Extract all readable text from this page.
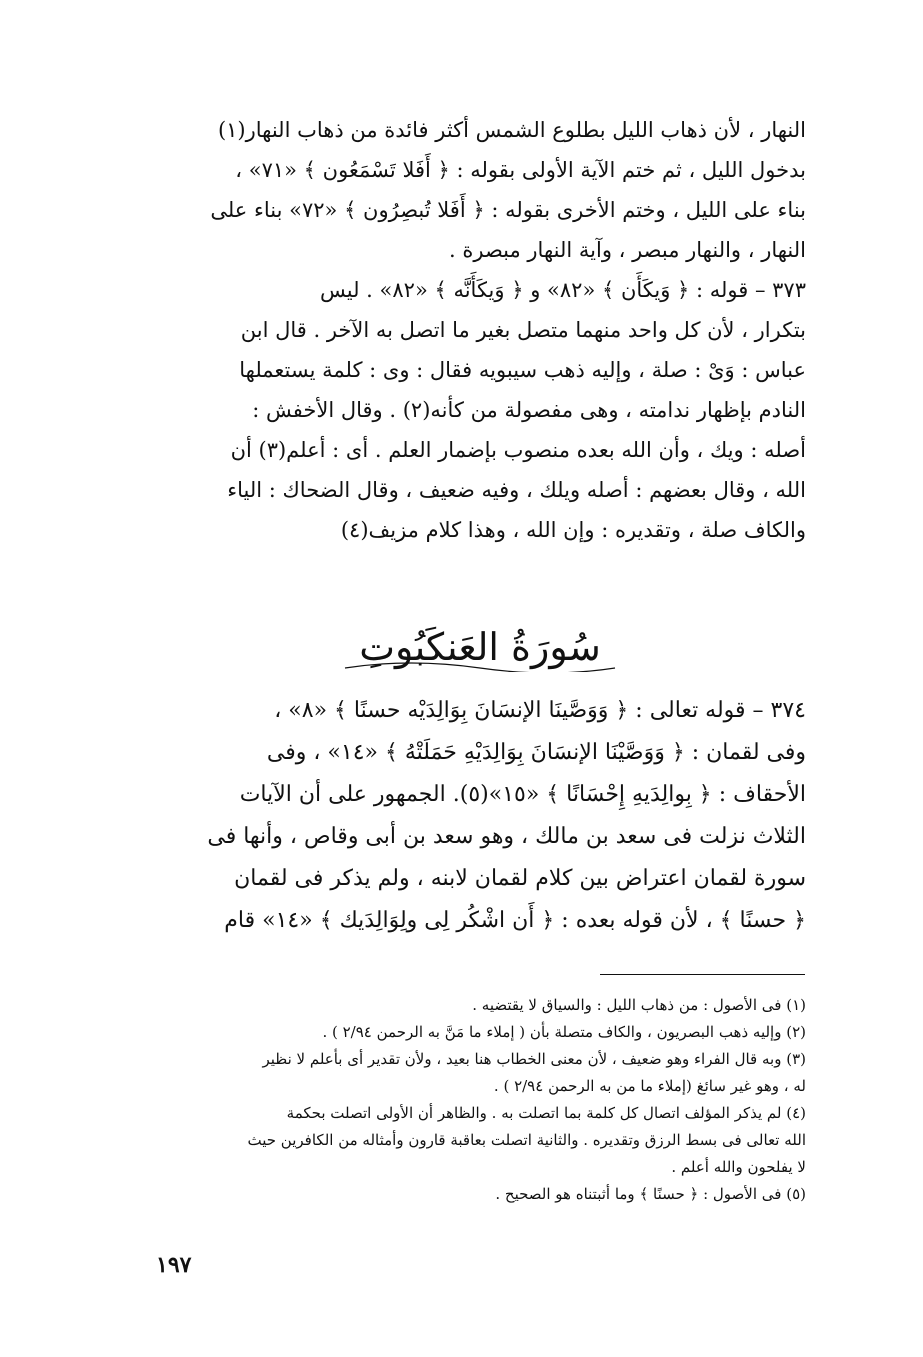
النهار ، لأن ذهاب الليل بطلوع الشمس أكثر فائدة من ذهاب النهار(١)
بدخول الليل ، ثم ختم الآية الأولى بقوله : ﴿ أَفَلا تَسْمَعُون ﴾ «٧١» ،
بناء على الليل ، وختم الأخرى بقوله : ﴿ أَفَلا تُبصِرُون ﴾ «٧٢» بناء على
النهار ، والنهار مبصر ، وآية النهار مبصرة .
٣٧٣ – قوله : ﴿ وَيكَأَن ﴾ «٨٢» و ﴿ وَيكَأَنَّه ﴾ «٨٢» . ليس
بتكرار ، لأن كل واحد منهما متصل بغير ما اتصل به الآخر . قال ابن
عباس : وَىْ : صلة ، وإليه ذهب سيبويه فقال : وى : كلمة يستعملها
النادم بإظهار ندامته ، وهى مفصولة من كأنه(٢) . وقال الأخفش :
أصله : ويك ، وأن الله بعده منصوب بإضمار العلم . أى : أعلم(٣) أن
الله ، وقال بعضهم : أصله ويلك ، وفيه ضعيف ، وقال الضحاك : الياء
والكاف صلة ، وتقديره : وإن الله ، وهذا كلام مزيف(٤)
سُورَةُ العَنكَبُوتِ
٣٧٤ – قوله تعالى : ﴿ وَوَصَّينَا الإنسَانَ بِوَالِدَيْه حسنًا ﴾ «٨» ،
وفى لقمان : ﴿ وَوَصَّيْنَا الإنسَانَ بِوَالِدَيْهِ حَمَلَتْهُ ﴾ «١٤» ، وفى
الأحقاف : ﴿ بِوالِدَيهِ إِحْسَانًا ﴾ «١٥»(٥). الجمهور على أن الآيات
الثلاث نزلت فى سعد بن مالك ، وهو سعد بن أبى وقاص ، وأنها فى
سورة لقمان اعتراض بين كلام لقمان لابنه ، ولم يذكر فى لقمان
﴿ حسنًا ﴾ ، لأن قوله بعده : ﴿ أَن اشْكُر لِى ولِوَالِدَيك ﴾ «١٤» قام
(١) فى الأصول : من ذهاب الليل : والسياق لا يقتضيه .
(٢) وإليه ذهب البصريون ، والكاف متصلة بأن ( إملاء ما مَنَّ به الرحمن ٢/٩٤ ) .
(٣) وبه قال الفراء وهو ضعيف ، لأن معنى الخطاب هنا بعيد ، ولأن تقدير أى بأعلم لا نظير
له ، وهو غير سائغ (إملاء ما من به الرحمن ٢/٩٤ ) .
(٤) لم يذكر المؤلف اتصال كل كلمة بما اتصلت به . والظاهر أن الأولى اتصلت بحكمة
الله تعالى فى بسط الرزق وتقديره . والثانية اتصلت بعاقبة قارون وأمثاله من الكافرين حيث
لا يفلحون والله أعلم .
(٥) فى الأصول : ﴿ حسنًا ﴾ وما أثبتناه هو الصحيح .
١٩٧
